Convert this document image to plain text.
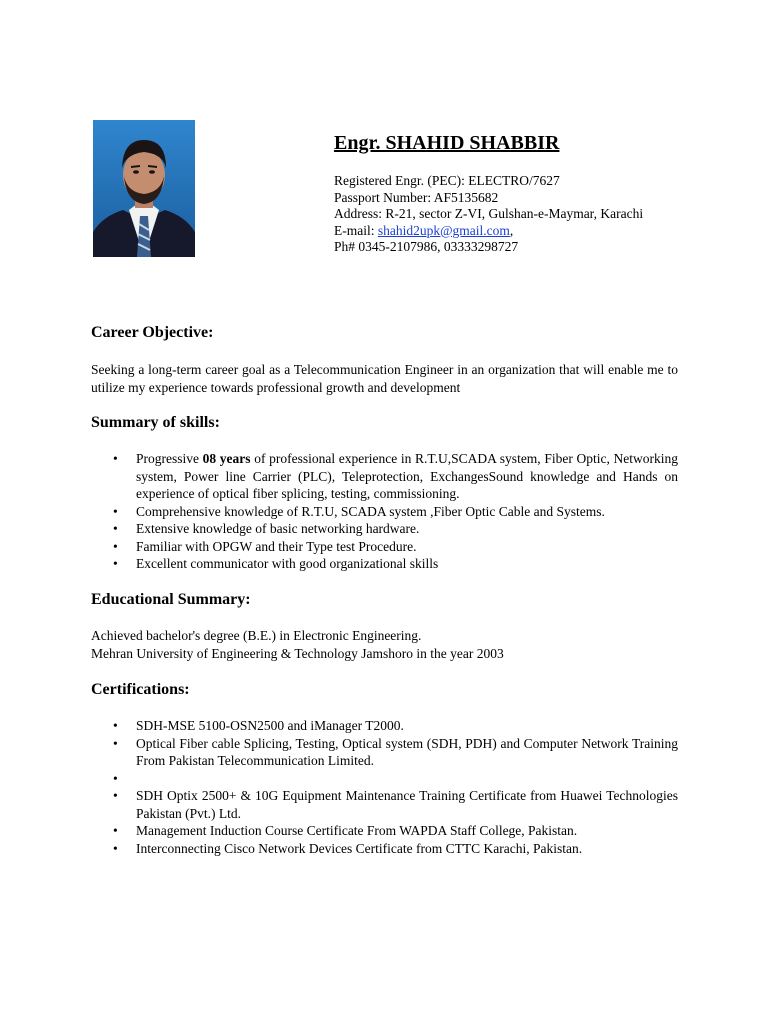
Engr. SHAHID SHABBIR
Registered Engr. (PEC): ELECTRO/7627
Passport Number: AF5135682
Address: R-21, sector Z-VI, Gulshan-e-Maymar, Karachi
E-mail: shahid2upk@gmail.com,
Ph# 0345-2107986, 03333298727
Career Objective:

Seeking a long-term career goal as a Telecommunication Engineer in an organization that will enable me to utilize my experience towards professional growth and development

Summary of skills:
•	Progressive 08 years of professional experience in R.T.U,SCADA system, Fiber Optic, Networking system, Power line Carrier (PLC), Teleprotection, ExchangesSound knowledge and Hands on experience of optical fiber splicing, testing, commissioning.
•	Comprehensive knowledge of R.T.U, SCADA system ,Fiber Optic Cable and Systems.
•	Extensive knowledge of basic networking hardware.
•	Familiar with OPGW and their Type test Procedure.
•	Excellent communicator with good organizational skills
Educational Summary:
Achieved bachelor's degree (B.E.) in Electronic Engineering.
Mehran University of Engineering & Technology Jamshoro in the year 2003
Certifications:
•	SDH-MSE 5100-OSN2500 and iManager T2000.
•	Optical Fiber cable Splicing, Testing, Optical system (SDH, PDH) and Computer Network Training From Pakistan Telecommunication Limited.
•
•	SDH Optix 2500+ & 10G Equipment Maintenance Training Certificate from Huawei Technologies Pakistan (Pvt.) Ltd.
•	Management Induction Course Certificate From WAPDA Staff College, Pakistan.
•	Interconnecting Cisco Network Devices Certificate from CTTC Karachi, Pakistan.
